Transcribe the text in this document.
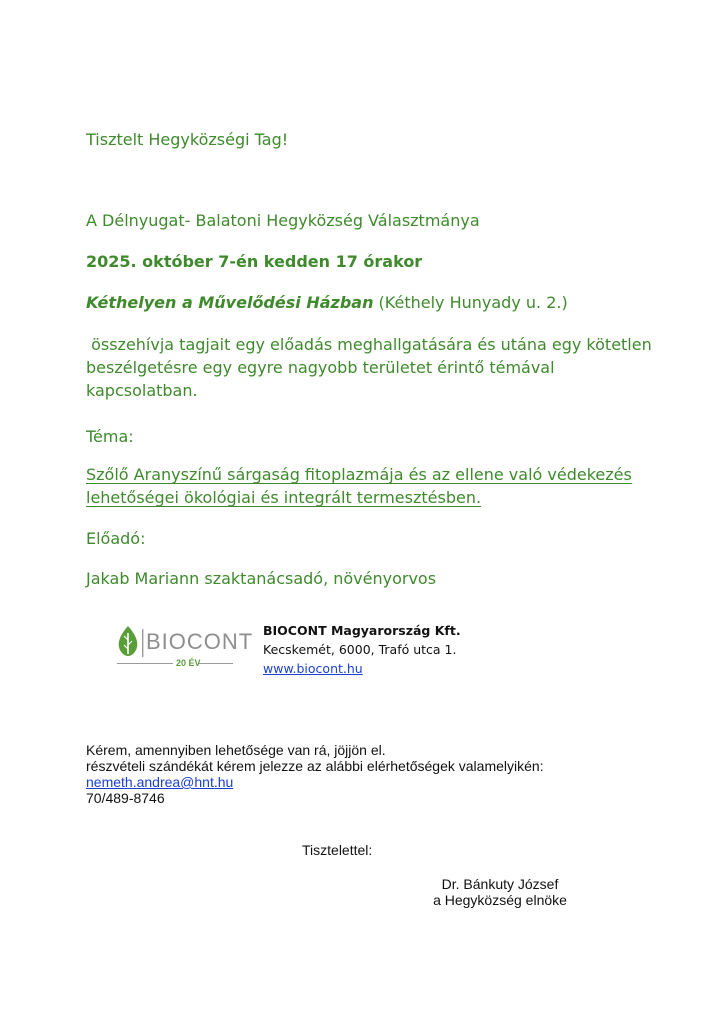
Tisztelt Hegyközségi Tag!
A Délnyugat- Balatoni Hegyközség Választmánya
2025. október 7-én kedden 17 órakor
Kéthelyen a Művelődési Házban (Kéthely Hunyady u. 2.)
összehívja tagjait egy előadás meghallgatására és utána egy kötetlen
beszélgetésre egy egyre nagyobb területet érintő témával
kapcsolatban.
Téma:
Szőlő Aranyszínű sárgaság fitoplazmája és az ellene való védekezés
lehetőségei ökológiai és integrált termesztésben.
Előadó:
Jakab Mariann szaktanácsadó, növényorvos
BIOCONT
20 ÉV
BIOCONT Magyarország Kft.
Kecskemét, 6000, Trafó utca 1.
www.biocont.hu
Kérem, amennyiben lehetősége van rá, jöjjön el.
részvételi szándékát kérem jelezze az alábbi elérhetőségek valamelyikén:
nemeth.andrea@hnt.hu
70/489-8746
Tisztelettel:
Dr. Bánkuty József
a Hegyközség elnöke
